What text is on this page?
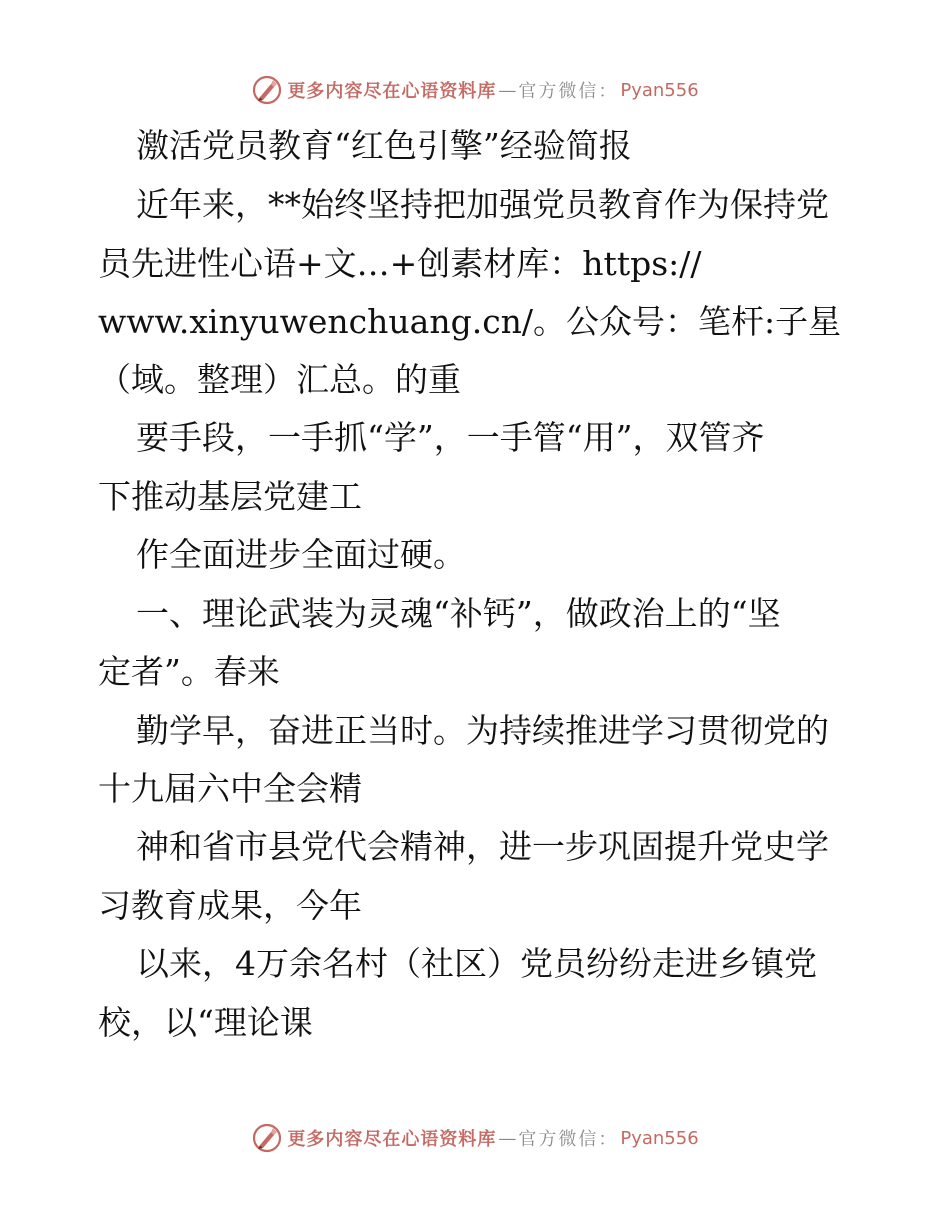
更多内容尽在心语资料库 — 官方微信： Pyan556
激活党员教育“红色引擎”经验简报
近年来，**始终坚持把加强党员教育作为保持党
员先进性心语+文…+创素材库：https://
www.xinyuwenchuang.cn/。公众号：笔杆:子星
（域。整理）汇总。的重
要手段，一手抓“学”，一手管“用”，双管齐
下推动基层党建工
作全面进步全面过硬。
一、理论武装为灵魂“补钙”，做政治上的“坚
定者”。春来
勤学早，奋进正当时。为持续推进学习贯彻党的
十九届六中全会精
神和省市县党代会精神，进一步巩固提升党史学
习教育成果，今年
以来，4万余名村（社区）党员纷纷走进乡镇党
校，以“理论课
更多内容尽在心语资料库 — 官方微信： Pyan556
